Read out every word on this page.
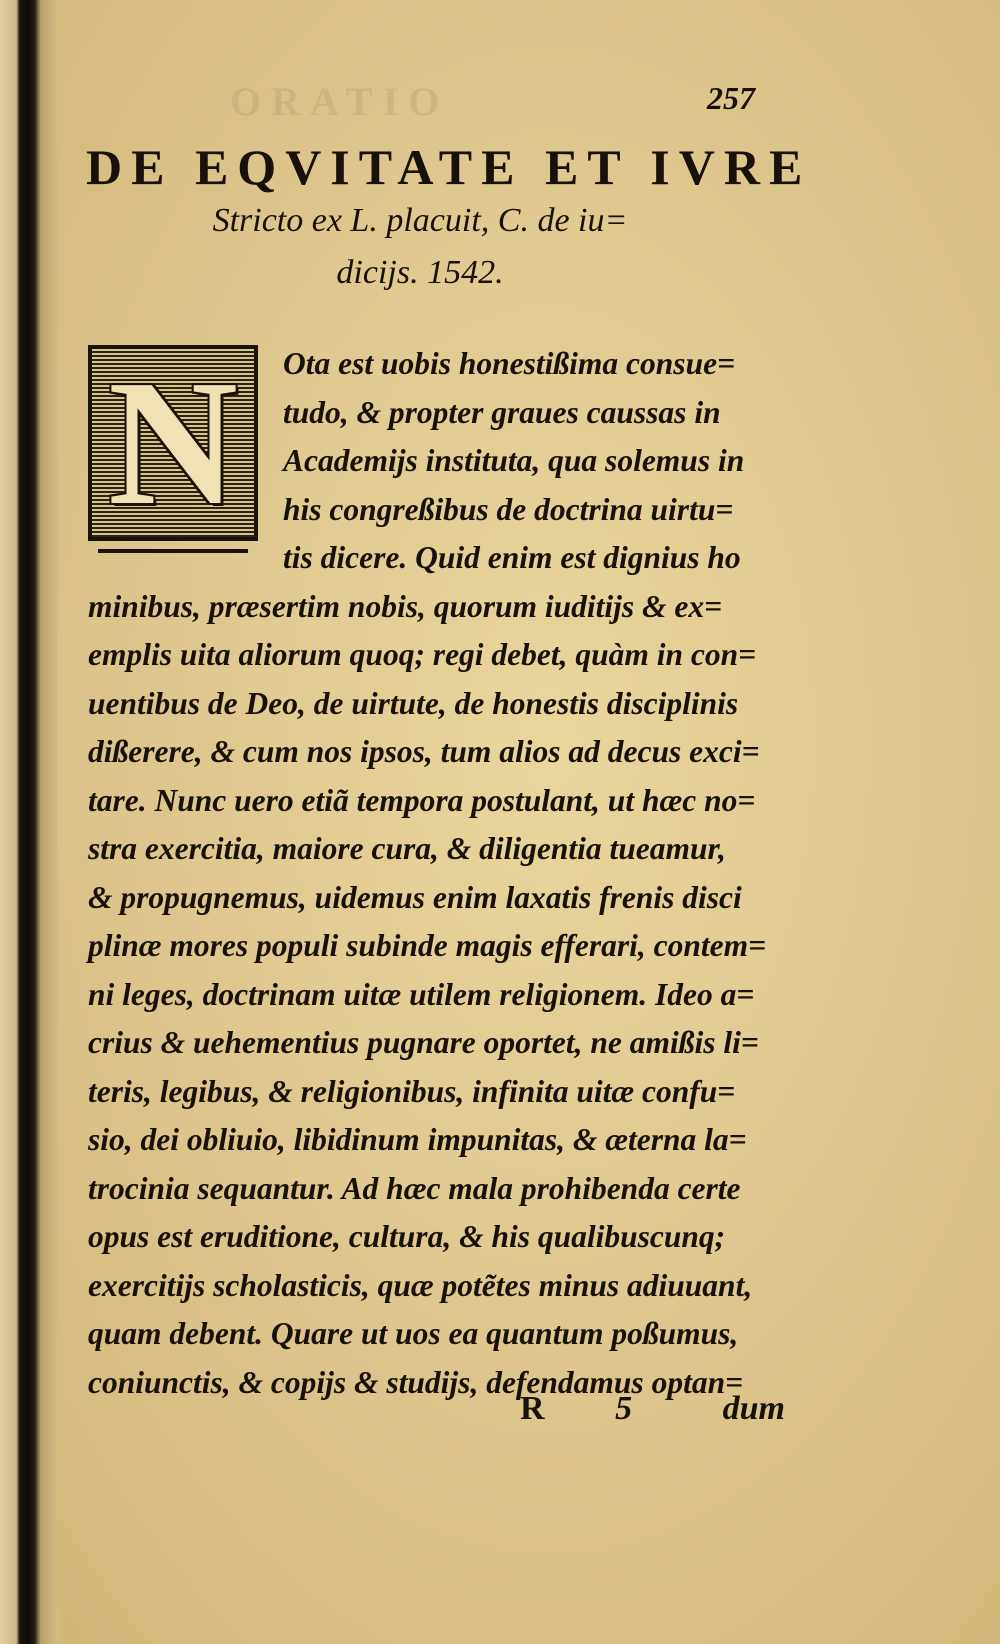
ORATIO	257
DE EQVITATE ET IVRE
Stricto ex L. placuit, C. de iu=
dicijs. 1542.
N	Ota est uobis honestißima consue=
tudo, & propter graues caussas in
Academijs instituta, qua solemus in
his congreßibus de doctrina uirtu=
tis dicere. Quid enim est dignius ho
minibus, præsertim nobis, quorum iuditijs & ex=
emplis uita aliorum quoq; regi debet, quàm in con=
uentibus de Deo, de uirtute, de honestis disciplinis
dißerere, & cum nos ipsos, tum alios ad decus exci=
tare. Nunc uero etiã tempora postulant, ut hæc no=
stra exercitia, maiore cura, & diligentia tueamur,
& propugnemus, uidemus enim laxatis frenis disci
plinæ mores populi subinde magis efferari, contem=
ni leges, doctrinam uitæ utilem religionem. Ideo a=
crius & uehementius pugnare oportet, ne amißis li=
teris, legibus, & religionibus, infinita uitæ confu=
sio, dei obliuio, libidinum impunitas, & æterna la=
trocinia sequantur. Ad hæc mala prohibenda certe
opus est eruditione, cultura, & his qualibuscunq;
exercitijs scholasticis, quæ potẽtes minus adiuuant,
quam debent. Quare ut uos ea quantum poßumus,
coniunctis, & copijs & studijs, defendamus optan=
R 5	dum
